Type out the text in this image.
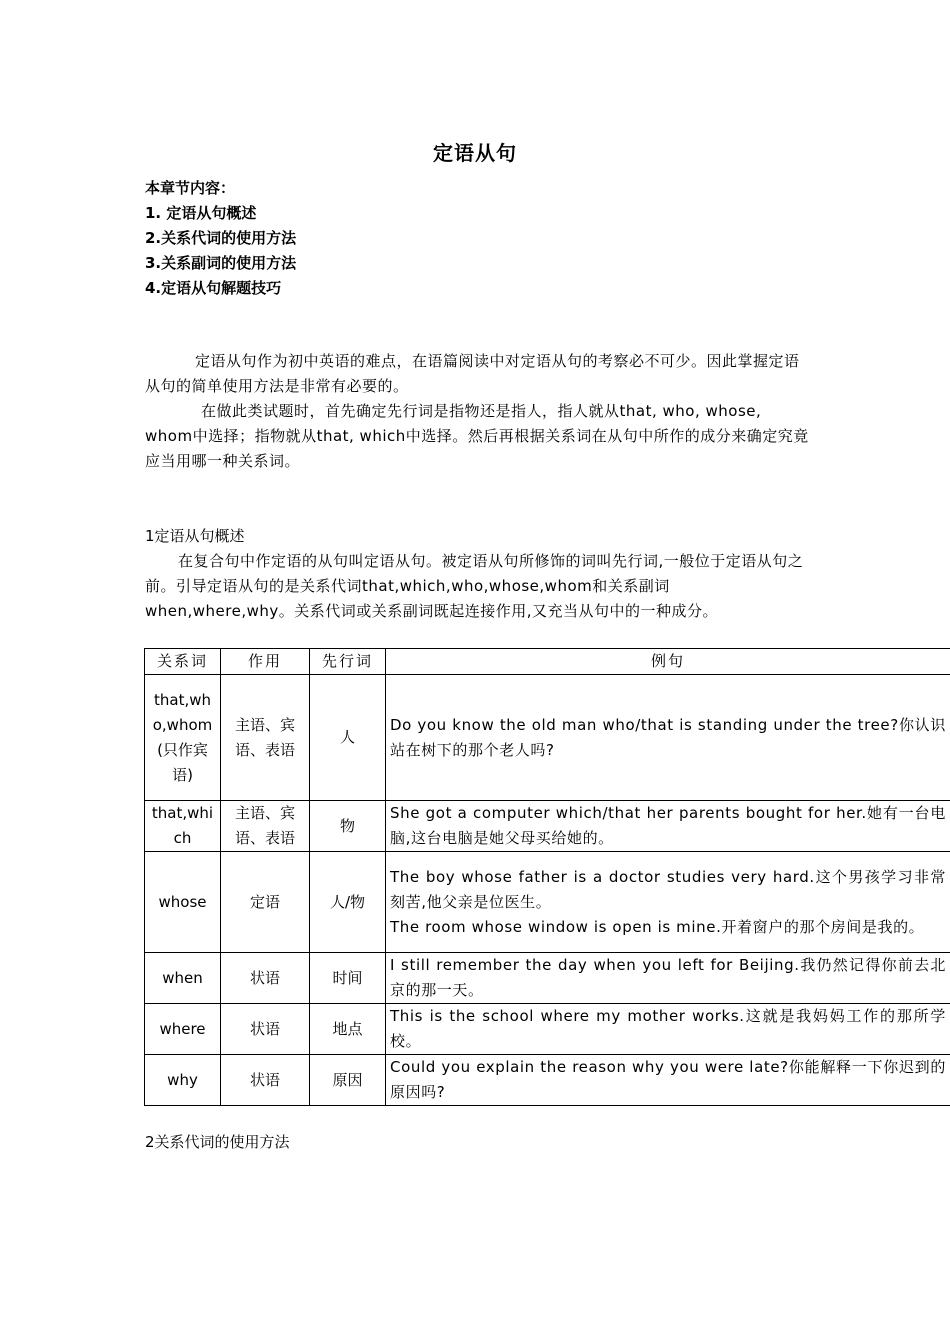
定语从句
本章节内容：
1. 定语从句概述
2.关系代词的使用方法
3.关系副词的使用方法
4.定语从句解题技巧

定语从句作为初中英语的难点，在语篇阅读中对定语从句的考察必不可少。因此掌握定语从句的简单使用方法是非常有必要的。

在做此类试题时，首先确定先行词是指物还是指人，指人就从that, who, whose, whom中选择；指物就从that, which中选择。然后再根据关系词在从句中所作的成分来确定究竟应当用哪一种关系词。

1定语从句概述

在复合句中作定语的从句叫定语从句。被定语从句所修饰的词叫先行词,一般位于定语从句之前。引导定语从句的是关系代词that,which,who,whose,whom和关系副词when,where,why。关系代词或关系副词既起连接作用,又充当从句中的一种成分。

关系词	作用	先行词	例句
that,who,whom(只作宾语)	主语、宾语、表语	人	Do you know the old man who/that is standing under the tree?你认识站在树下的那个老人吗?

that,which	主语、宾语、表语	物	She got a computer which/that her parents bought for her.她有一台电脑,这台电脑是她父母买给她的。

whose	定语	人/物	The boy whose father is a doctor studies very hard.这个男孩学习非常刻苦,他父亲是位医生。
The room whose window is open is mine.开着窗户的那个房间是我的。

when	状语	时间	I still remember the day when you left for Beijing.我仍然记得你前去北京的那一天。

where	状语	地点	This is the school where my mother works.这就是我妈妈工作的那所学校。

why	状语	原因	Could you explain the reason why you were late?你能解释一下你迟到的原因吗?
2关系代词的使用方法
